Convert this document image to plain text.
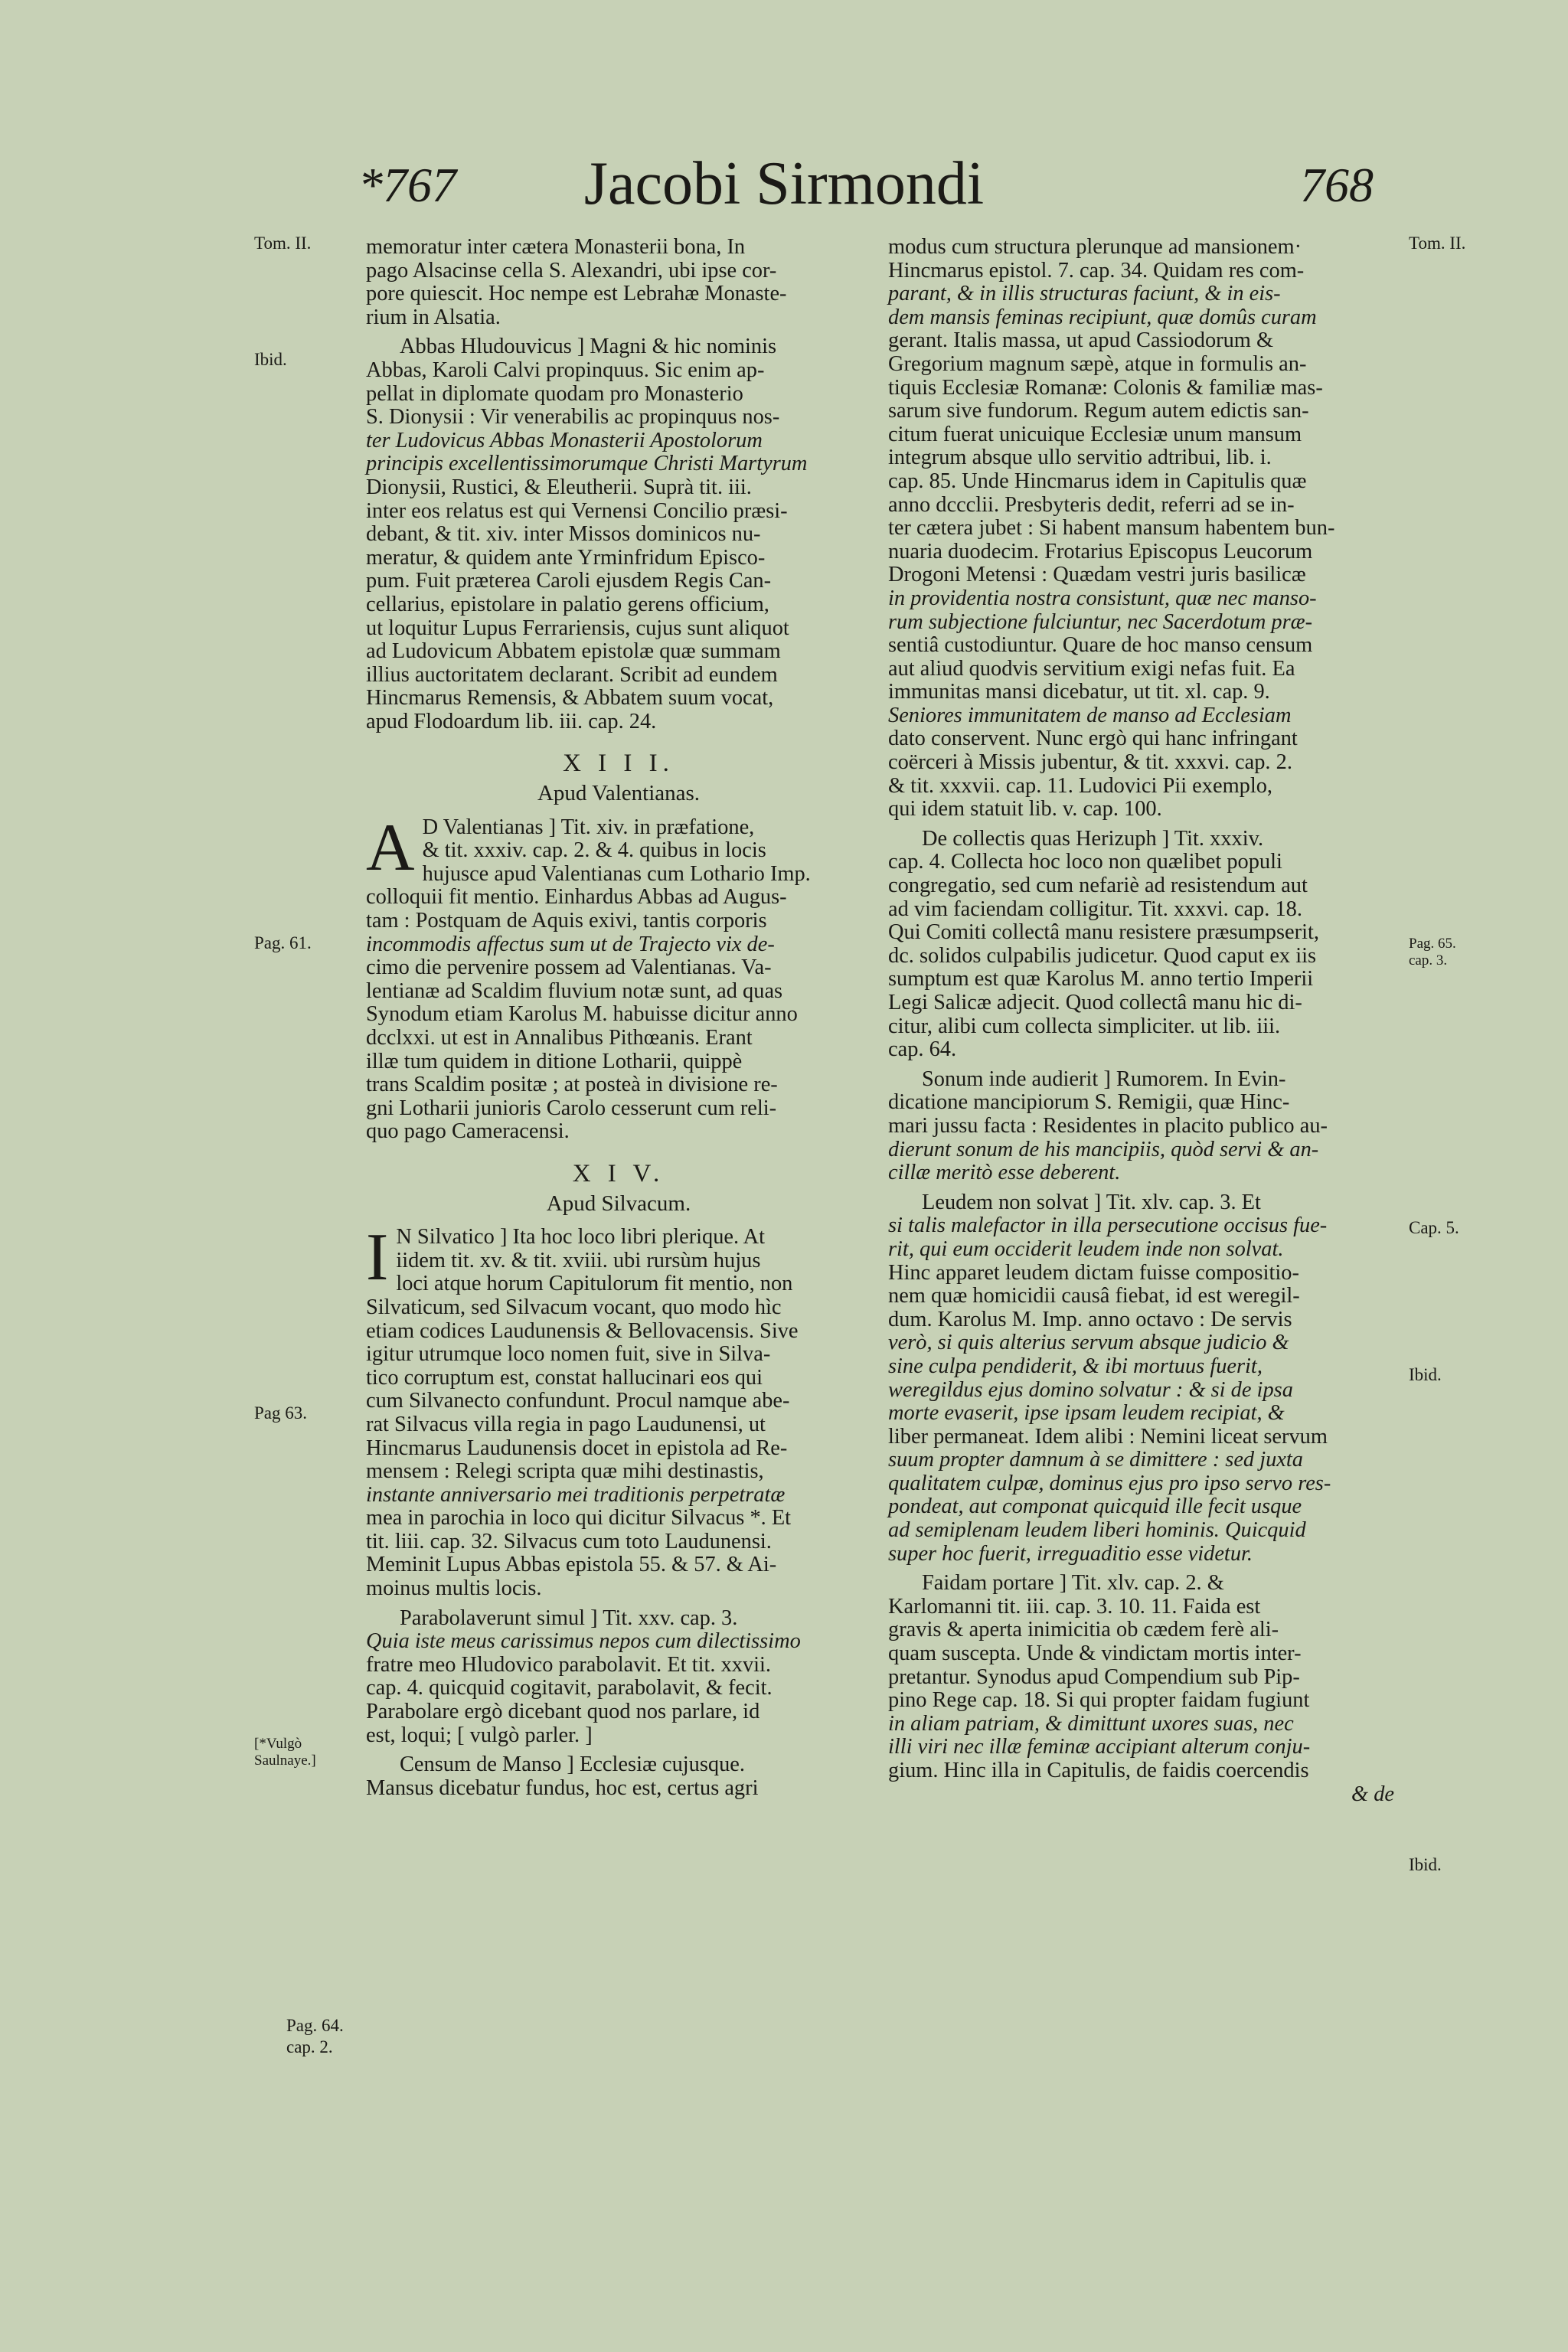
*767	Jacobi Sirmondi	768
Tom. II.
Ibid.
Pag. 61.
Pag 63.
[*Vulgò Saulnaye.]
Pag. 64. cap. 2.
Tom. II.
Pag. 65. cap. 3.
Cap. 5.
Ibid.
Ibid.

memoratur inter cætera Monasterii bona, In

pago Alsacinse cella S. Alexandri, ubi ipse cor-

pore quiescit. Hoc nempe est Lebrahæ Monaste-

rium in Alsatia.

Abbas Hludouvicus ] Magni & hic nominis

Abbas, Karoli Calvi propinquus. Sic enim ap-

pellat in diplomate quodam pro Monasterio

S. Dionysii : Vir venerabilis ac propinquus nos-

ter Ludovicus Abbas Monasterii Apostolorum

principis excellentissimorumque Christi Martyrum

Dionysii, Rustici, & Eleutherii. Suprà tit. iii.

inter eos relatus est qui Vernensi Concilio præsi-

debant, & tit. xiv. inter Missos dominicos nu-

meratur, & quidem ante Yrminfridum Episco-

pum. Fuit præterea Caroli ejusdem Regis Can-

cellarius, epistolare in palatio gerens officium,

ut loquitur Lupus Ferrariensis, cujus sunt aliquot

ad Ludovicum Abbatem epistolæ quæ summam

illius auctoritatem declarant. Scribit ad eundem

Hincmarus Remensis, & Abbatem suum vocat,

apud Flodoardum lib. iii. cap. 24.

X I I I.
Apud Valentianas.
A D Valentianas ] Tit. xiv. in præfatione,

& tit. xxxiv. cap. 2. & 4. quibus in locis

hujusce apud Valentianas cum Lothario Imp.

colloquii fit mentio. Einhardus Abbas ad Augus-

tam : Postquam de Aquis exivi, tantis corporis

incommodis affectus sum ut de Trajecto vix de-

cimo die pervenire possem ad Valentianas. Va-

lentianæ ad Scaldim fluvium notæ sunt, ad quas

Synodum etiam Karolus M. habuisse dicitur anno

dcclxxi. ut est in Annalibus Pithœanis. Erant

illæ tum quidem in ditione Lotharii, quippè

trans Scaldim positæ ; at posteà in divisione re-

gni Lotharii junioris Carolo cesserunt cum reli-

quo pago Cameracensi.

X I V.
Apud Silvacum.
I N Silvatico ] Ita hoc loco libri plerique. At

iidem tit. xv. & tit. xviii. ubi rursùm hujus

loci atque horum Capitulorum fit mentio, non

Silvaticum, sed Silvacum vocant, quo modo hìc

etiam codices Laudunensis & Bellovacensis. Sive

igitur utrumque loco nomen fuit, sive in Silva-

tico corruptum est, constat hallucinari eos qui

cum Silvanecto confundunt. Procul namque abe-

rat Silvacus villa regia in pago Laudunensi, ut

Hincmarus Laudunensis docet in epistola ad Re-

mensem : Relegi scripta quæ mihi destinastis,

instante anniversario mei traditionis perpetratæ

mea in parochia in loco qui dicitur Silvacus *. Et

tit. liii. cap. 32. Silvacus cum toto Laudunensi.

Meminit Lupus Abbas epistola 55. & 57. & Ai-

moinus multis locis.

Parabolaverunt simul ] Tit. xxv. cap. 3.

Quia iste meus carissimus nepos cum dilectissimo

fratre meo Hludovico parabolavit. Et tit. xxvii.

cap. 4. quicquid cogitavit, parabolavit, & fecit.

Parabolare ergò dicebant quod nos parlare, id

est, loqui; [ vulgò parler. ]

Censum de Manso ] Ecclesiæ cujusque.

Mansus dicebatur fundus, hoc est, certus agri

modus cum structura plerunque ad mansionem·

Hincmarus epistol. 7. cap. 34. Quidam res com-

parant, & in illis structuras faciunt, & in eis-

dem mansis feminas recipiunt, quæ domûs curam

gerant. Italis massa, ut apud Cassiodorum &

Gregorium magnum sæpè, atque in formulis an-

tiquis Ecclesiæ Romanæ: Colonis & familiæ mas-

sarum sive fundorum. Regum autem edictis san-

citum fuerat unicuique Ecclesiæ unum mansum

integrum absque ullo servitio adtribui, lib. i.

cap. 85. Unde Hincmarus idem in Capitulis quæ

anno dccclii. Presbyteris dedit, referri ad se in-

ter cætera jubet : Si habent mansum habentem bun-

nuaria duodecim. Frotarius Episcopus Leucorum

Drogoni Metensi : Quædam vestri juris basilicæ

in providentia nostra consistunt, quæ nec manso-

rum subjectione fulciuntur, nec Sacerdotum præ-

sentiâ custodiuntur. Quare de hoc manso censum

aut aliud quodvis servitium exigi nefas fuit. Ea

immunitas mansi dicebatur, ut tit. xl. cap. 9.

Seniores immunitatem de manso ad Ecclesiam

dato conservent. Nunc ergò qui hanc infringant

coërceri à Missis jubentur, & tit. xxxvi. cap. 2.

& tit. xxxvii. cap. 11. Ludovici Pii exemplo,

qui idem statuit lib. v. cap. 100.

De collectis quas Herizuph ] Tit. xxxiv.

cap. 4. Collecta hoc loco non quælibet populi

congregatio, sed cum nefariè ad resistendum aut

ad vim faciendam colligitur. Tit. xxxvi. cap. 18.

Qui Comiti collectâ manu resistere præsumpserit,

dc. solidos culpabilis judicetur. Quod caput ex iis

sumptum est quæ Karolus M. anno tertio Imperii

Legi Salicæ adjecit. Quod collectâ manu hic di-

citur, alibi cum collecta simpliciter. ut lib. iii.

cap. 64.

Sonum inde audierit ] Rumorem. In Evin-

dicatione mancipiorum S. Remigii, quæ Hinc-

mari jussu facta : Residentes in placito publico au-

dierunt sonum de his mancipiis, quòd servi & an-

cillæ meritò esse deberent.

Leudem non solvat ] Tit. xlv. cap. 3. Et

si talis malefactor in illa persecutione occisus fue-

rit, qui eum occiderit leudem inde non solvat.

Hinc apparet leudem dictam fuisse compositio-

nem quæ homicidii causâ fiebat, id est weregil-

dum. Karolus M. Imp. anno octavo : De servis

verò, si quis alterius servum absque judicio &

sine culpa pendiderit, & ibi mortuus fuerit,

weregildus ejus domino solvatur : & si de ipsa

morte evaserit, ipse ipsam leudem recipiat, &

liber permaneat. Idem alibi : Nemini liceat servum

suum propter damnum à se dimittere : sed juxta

qualitatem culpæ, dominus ejus pro ipso servo res-

pondeat, aut componat quicquid ille fecit usque

ad semiplenam leudem liberi hominis. Quicquid

super hoc fuerit, irreguaditio esse videtur.

Faidam portare ] Tit. xlv. cap. 2. &

Karlomanni tit. iii. cap. 3. 10. 11. Faida est

gravis & aperta inimicitia ob cædem ferè ali-

quam suscepta. Unde & vindictam mortis inter-

pretantur. Synodus apud Compendium sub Pip-

pino Rege cap. 18. Si qui propter faidam fugiunt

in aliam patriam, & dimittunt uxores suas, nec

illi viri nec illæ feminæ accipiant alterum conju-

gium. Hinc illa in Capitulis, de faidis coercendis

& de
